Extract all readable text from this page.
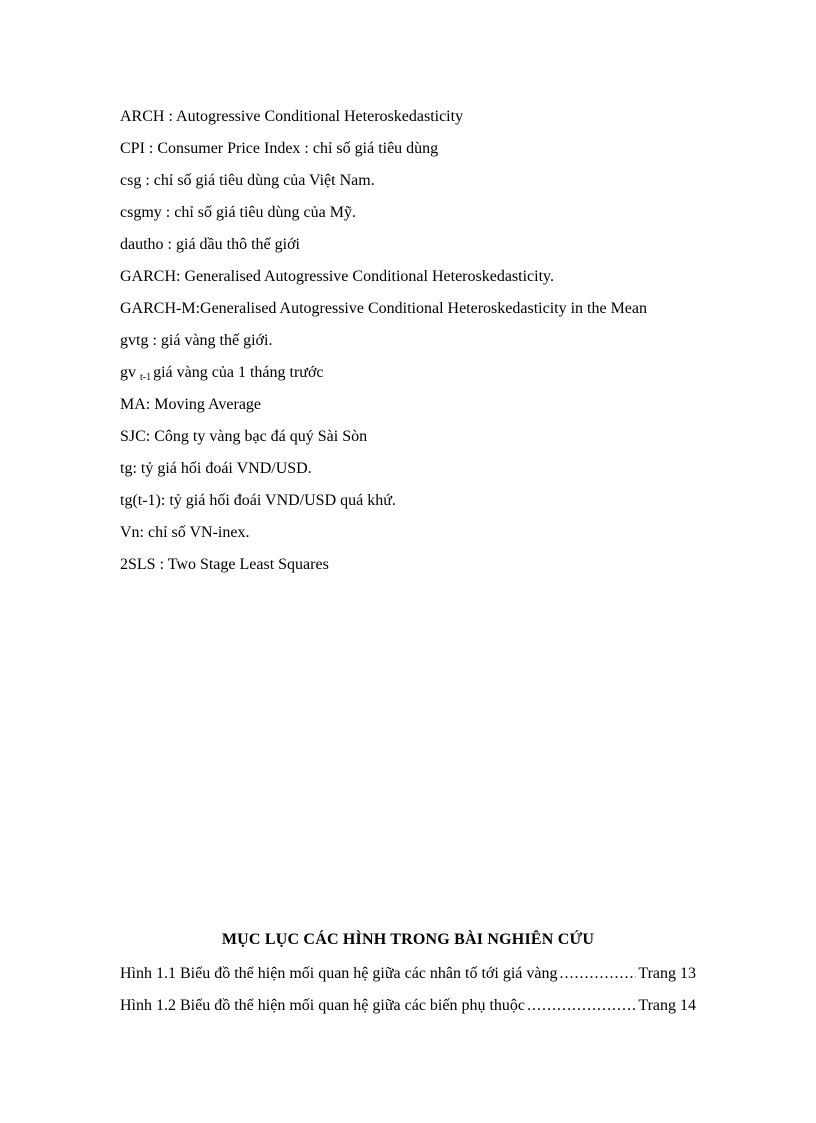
ARCH : Autogressive Conditional Heteroskedasticity
CPI : Consumer Price Index : chỉ số giá tiêu dùng
csg : chỉ số giá tiêu dùng của Việt Nam.
csgmy : chỉ số giá tiêu dùng của Mỹ.
dautho : giá dầu thô thế giới
GARCH: Generalised Autogressive Conditional Heteroskedasticity.
GARCH-M:Generalised Autogressive Conditional Heteroskedasticity in the Mean
gvtg : giá vàng thế giới.
gv $_{t-1}$ giá vàng của 1 tháng trước
MA: Moving Average
SJC: Công ty vàng bạc đá quý Sài Sòn
tg: tỷ giá hối đoái VND/USD.
tg(t-1): tỷ giá hối đoái VND/USD quá khứ.
Vn: chỉ số VN-inex.
2SLS : Two Stage Least Squares
MỤC LỤC CÁC HÌNH TRONG BÀI NGHIÊN CỨU
Hình 1.1 Biểu đồ thể hiện mối quan hệ giữa các nhân tố tới giá vàng .....	Trang 13
Hình 1.2 Biểu đồ thể hiện mối quan hệ giữa các biến phụ thuộc .....	Trang 14
